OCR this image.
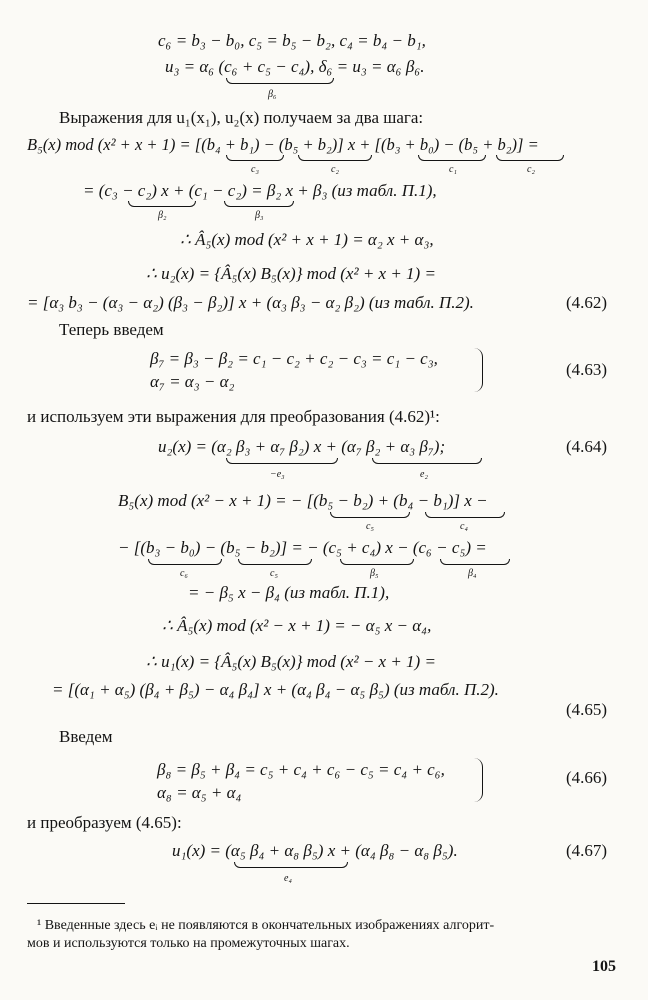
c₆ = b₃ − b₀, c₅ = b₅ − b₂, c₄ = b₄ − b₁,
u₃ = α₆ (c₆ + c₅ − c₄), δ₆ = u₃ = α₆ β₆.
β₆
Выражения для u₁(x₁), u₂(x) получаем за два шага:
B₅(x) mod (x² + x + 1) = [(b₄ + b₁) − (b₅ + b₂)] x + [(b₃ + b₀) − (b₅ + b₂)] =
c₃	c₂	c₁	c₂
= (c₃ − c₂) x + (c₁ − c₂) = β₂ x + β₃ (из табл. П.1),
β₂	β₃
∴ Â₅(x) mod (x² + x + 1) = α₂ x + α₃,
∴ u₂(x) = {Â₅(x) B₅(x)} mod (x² + x + 1) =
= [α₃ b₃ − (α₃ − α₂) (β₃ − β₂)] x + (α₃ β₃ − α₂ β₂) (из табл. П.2).	(4.62)
Теперь введем
β₇ = β₃ − β₂ = c₁ − c₂ + c₂ − c₃ = c₁ − c₃,
α₇ = α₃ − α₂
(4.63)
и используем эти выражения для преобразования (4.62)¹:
u₂(x) = (α₂ β₃ + α₇ β₂) x + (α₇ β₂ + α₃ β₇);
−e₃	e₂
(4.64)
B₅(x) mod (x² − x + 1) = − [(b₅ − b₂) + (b₄ − b₁)] x −
c₅	c₄
− [(b₃ − b₀) − (b₅ − b₂)] = − (c₅ + c₄) x − (c₆ − c₅) =
c₆	c₅	β₅	β₄
= − β₅ x − β₄ (из табл. П.1),
∴ Â₅(x) mod (x² − x + 1) = − α₅ x − α₄,
∴ u₁(x) = {Â₅(x) B₅(x)} mod (x² − x + 1) =
= [(α₁ + α₅) (β₄ + β₅) − α₄ β₄] x + (α₄ β₄ − α₅ β₅) (из табл. П.2).
(4.65)
Введем
β₈ = β₅ + β₄ = c₅ + c₄ + c₆ − c₅ = c₄ + c₆,
α₈ = α₅ + α₄
(4.66)
и преобразуем (4.65):
u₁(x) = (α₅ β₄ + α₈ β₅) x + (α₄ β₈ − α₈ β₅).
e₄
(4.67)
¹ Введенные здесь eᵢ не появляются в окончательных изображениях алгорит-
мов и используются только на промежуточных шагах.
105
